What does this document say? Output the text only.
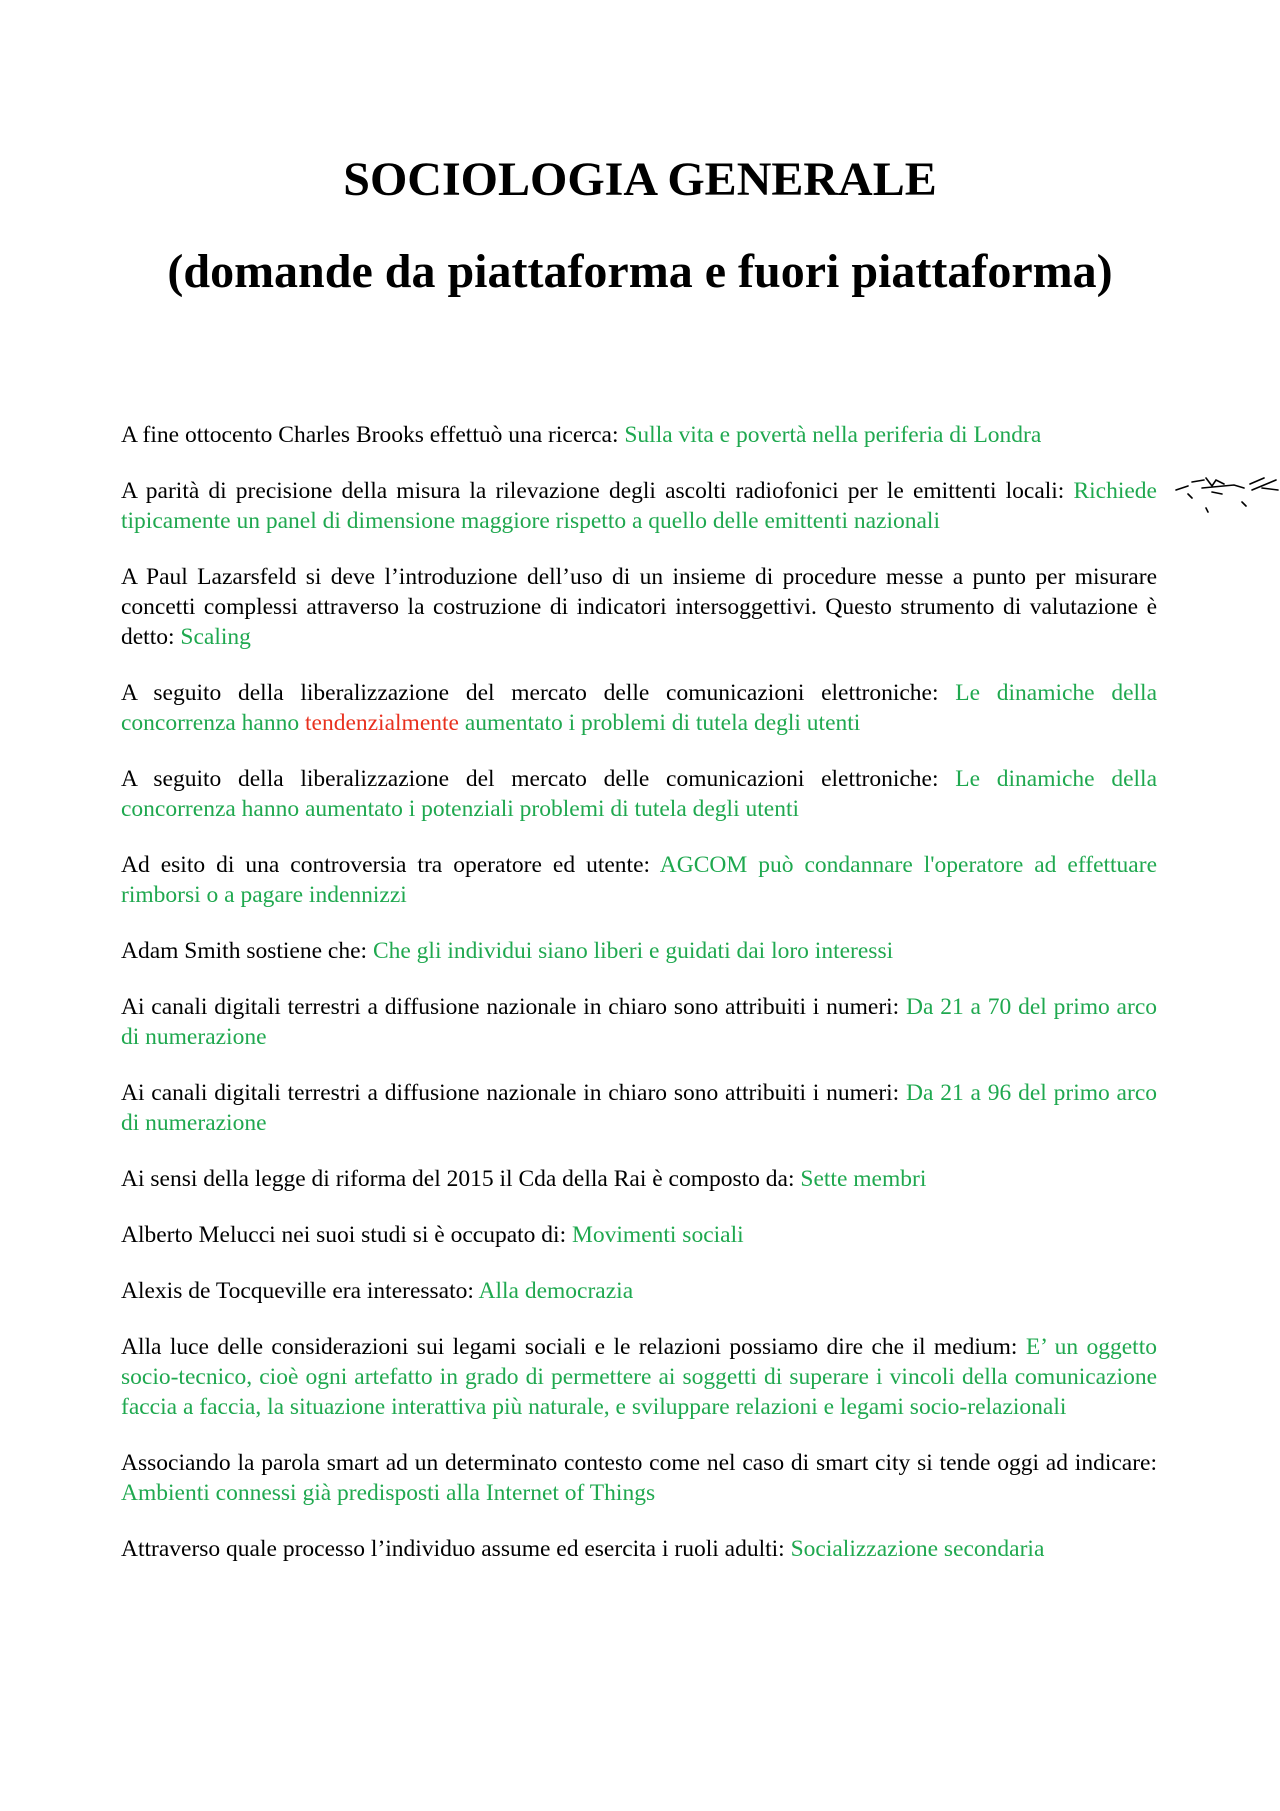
SOCIOLOGIA GENERALE
(domande da piattaforma e fuori piattaforma)

A fine ottocento Charles Brooks effettuò una ricerca: Sulla vita e povertà nella periferia di Londra

A parità di precisione della misura la rilevazione degli ascolti radiofonici per le emittenti locali: Richiede tipicamente un panel di dimensione maggiore rispetto a quello delle emittenti nazionali

A Paul Lazarsfeld si deve l’introduzione dell’uso di un insieme di procedure messe a punto per misurare concetti complessi attraverso la costruzione di indicatori intersoggettivi. Questo strumento di valutazione è detto: Scaling

A seguito della liberalizzazione del mercato delle comunicazioni elettroniche: Le dinamiche della concorrenza hanno tendenzialmente aumentato i problemi di tutela degli utenti

A seguito della liberalizzazione del mercato delle comunicazioni elettroniche: Le dinamiche della concorrenza hanno aumentato i potenziali problemi di tutela degli utenti

Ad esito di una controversia tra operatore ed utente: AGCOM può condannare l'operatore ad effettuare rimborsi o a pagare indennizzi

Adam Smith sostiene che: Che gli individui siano liberi e guidati dai loro interessi

Ai canali digitali terrestri a diffusione nazionale in chiaro sono attribuiti i numeri: Da 21 a 70 del primo arco di numerazione

Ai canali digitali terrestri a diffusione nazionale in chiaro sono attribuiti i numeri: Da 21 a 96 del primo arco di numerazione

Ai sensi della legge di riforma del 2015 il Cda della Rai è composto da: Sette membri

Alberto Melucci nei suoi studi si è occupato di: Movimenti sociali

Alexis de Tocqueville era interessato: Alla democrazia

Alla luce delle considerazioni sui legami sociali e le relazioni possiamo dire che il medium: E’ un oggetto socio-tecnico, cioè ogni artefatto in grado di permettere ai soggetti di superare i vincoli della comunicazione faccia a faccia, la situazione interattiva più naturale, e sviluppare relazioni e legami socio-relazionali

Associando la parola smart ad un determinato contesto come nel caso di smart city si tende oggi ad indicare: Ambienti connessi già predisposti alla Internet of Things

Attraverso quale processo l’individuo assume ed esercita i ruoli adulti: Socializzazione secondaria
